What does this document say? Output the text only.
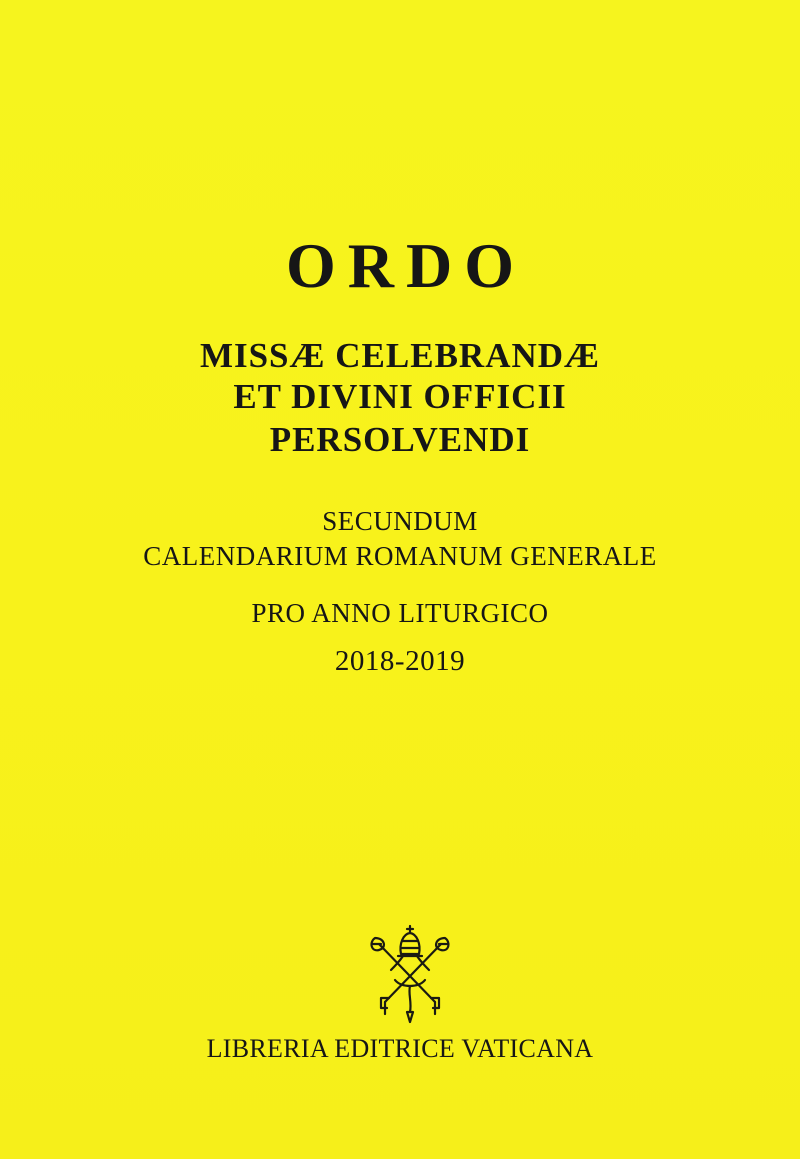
ORDO
MISSÆ CELEBRANDÆ
ET DIVINI OFFICII
PERSOLVENDI
SECUNDUM
CALENDARIUM ROMANUM GENERALE
PRO ANNO LITURGICO
2018-2019
LIBRERIA EDITRICE VATICANA
